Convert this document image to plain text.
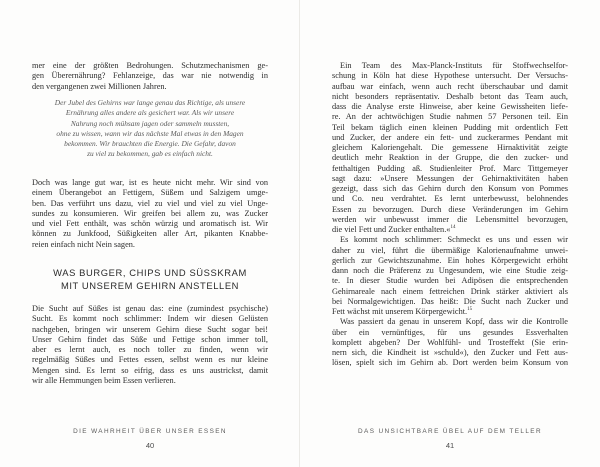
mer eine der größten Bedrohungen. Schutzmechanismen ge-
gen Überernährung? Fehlanzeige, das war nie notwendig in
den vergangenen zwei Millionen Jahren.
Der Jubel des Gehirns war lange genau das Richtige, als unsere
Ernährung alles andere als gesichert war. Als wir unsere
Nahrung noch mühsam jagen oder sammeln mussten,
ohne zu wissen, wann wir das nächste Mal etwas in den Magen
bekommen. Wir brauchten die Energie. Die Gefahr, davon
zu viel zu bekommen, gab es einfach nicht.
Doch was lange gut war, ist es heute nicht mehr. Wir sind von
einem Überangebot an Fettigem, Süßem und Salzigem umge-
ben. Das verführt uns dazu, viel zu viel und viel zu viel Unge-
sundes zu konsumieren. Wir greifen bei allem zu, was Zucker
und viel Fett enthält, was schön würzig und aromatisch ist. Wir
können zu Junkfood, Süßigkeiten aller Art, pikanten Knabbe-
reien einfach nicht Nein sagen.
WAS BURGER, CHIPS UND SÜSSKRAM
MIT UNSEREM GEHIRN ANSTELLEN
Die Sucht auf Süßes ist genau das: eine (zumindest psychische)
Sucht. Es kommt noch schlimmer: Indem wir diesen Gelüsten
nachgeben, bringen wir unserem Gehirn diese Sucht sogar bei!
Unser Gehirn findet das Süße und Fettige schon immer toll,
aber es lernt auch, es noch toller zu finden, wenn wir
regelmäßig Süßes und Fettes essen, selbst wenn es nur kleine
Mengen sind. Es lernt so eifrig, dass es uns austrickst, damit
wir alle Hemmungen beim Essen verlieren.
DIE WAHRHEIT ÜBER UNSER ESSEN
40
Ein Team des Max-Planck-Instituts für Stoffwechselfor-
schung in Köln hat diese Hypothese untersucht. Der Versuchs-
aufbau war einfach, wenn auch recht überschaubar und damit
nicht besonders repräsentativ. Deshalb betont das Team auch,
dass die Analyse erste Hinweise, aber keine Gewissheiten liefe-
re. An der achtwöchigen Studie nahmen 57 Personen teil. Ein
Teil bekam täglich einen kleinen Pudding mit ordentlich Fett
und Zucker, der andere ein fett- und zuckerarmes Pendant mit
gleichem Kaloriengehalt. Die gemessene Hirnaktivität zeigte
deutlich mehr Reaktion in der Gruppe, die den zucker- und
fetthaltigen Pudding aß. Studienleiter Prof. Marc Tittgemeyer
sagt dazu: »Unsere Messungen der Gehirnaktivitäten haben
gezeigt, dass sich das Gehirn durch den Konsum von Pommes
und Co. neu verdrahtet. Es lernt unterbewusst, belohnendes
Essen zu bevorzugen. Durch diese Veränderungen im Gehirn
werden wir unbewusst immer die Lebensmittel bevorzugen,
die viel Fett und Zucker enthalten.«$^{14}$
Es kommt noch schlimmer: Schmeckt es uns und essen wir
daher zu viel, führt die übermäßige Kalorienaufnahme unwei-
gerlich zur Gewichtszunahme. Ein hohes Körpergewicht erhöht
dann noch die Präferenz zu Ungesundem, wie eine Studie zeig-
te. In dieser Studie wurden bei Adipösen die entsprechenden
Gehirnareale nach einem fettreichen Drink stärker aktiviert als
bei Normalgewichtigen. Das heißt: Die Sucht nach Zucker und
Fett wächst mit unserem Körpergewicht.$^{15}$
Was passiert da genau in unserem Kopf, dass wir die Kontrolle
über ein vernünftiges, für uns gesundes Essverhalten
komplett abgeben? Der Wohlfühl- und Trosteffekt (Sie erin-
nern sich, die Kindheit ist »schuld«), den Zucker und Fett aus-
lösen, spielt sich im Gehirn ab. Dort werden beim Konsum von
DAS UNSICHTBARE ÜBEL AUF DEM TELLER
41
